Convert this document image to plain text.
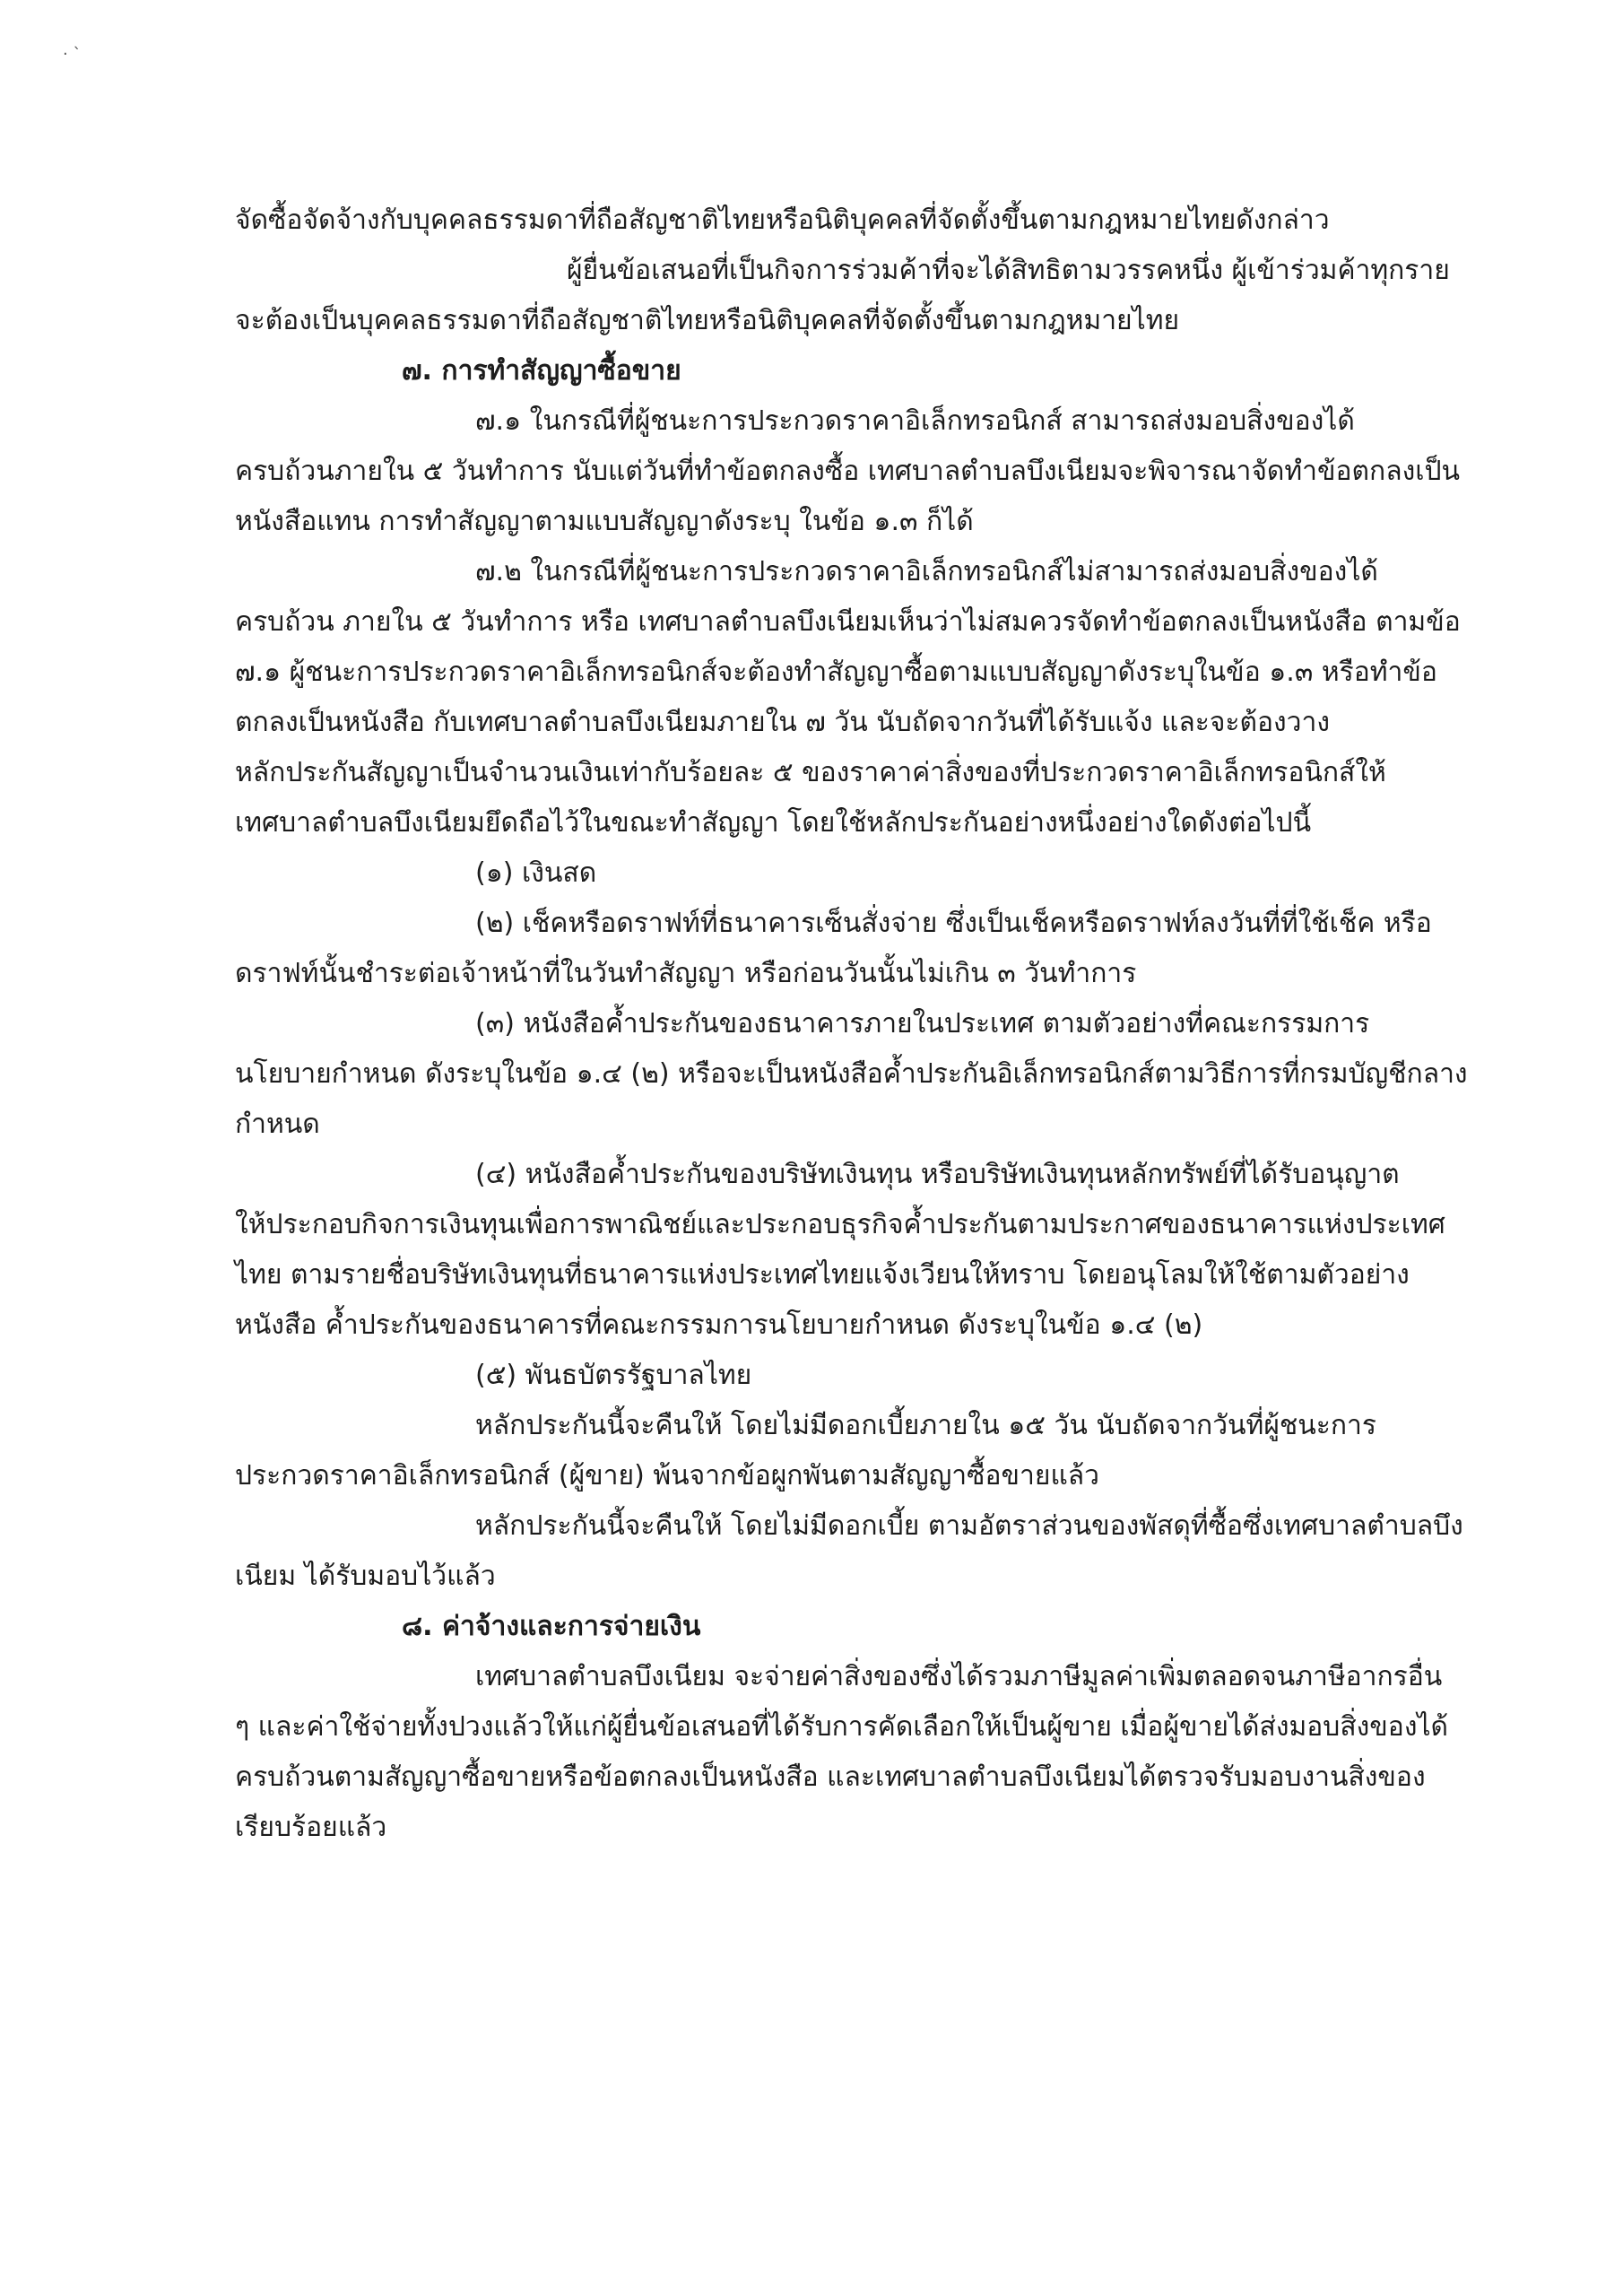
· ˋ
จัดซื้อจัดจ้างกับบุคคลธรรมดาที่ถือสัญชาติไทยหรือนิติบุคคลที่จัดตั้งขึ้นตามกฎหมายไทยดังกล่าว
ผู้ยื่นข้อเสนอที่เป็นกิจการร่วมค้าที่จะได้สิทธิตามวรรคหนึ่ง ผู้เข้าร่วมค้าทุกราย
จะต้องเป็นบุคคลธรรมดาที่ถือสัญชาติไทยหรือนิติบุคคลที่จัดตั้งขึ้นตามกฎหมายไทย
๗. การทำสัญญาซื้อขาย
๗.๑ ในกรณีที่ผู้ชนะการประกวดราคาอิเล็กทรอนิกส์ สามารถส่งมอบสิ่งของได้
ครบถ้วนภายใน ๕ วันทำการ นับแต่วันที่ทำข้อตกลงซื้อ เทศบาลตำบลบึงเนียมจะพิจารณาจัดทำข้อตกลงเป็น
หนังสือแทน การทำสัญญาตามแบบสัญญาดังระบุ ในข้อ ๑.๓ ก็ได้
๗.๒ ในกรณีที่ผู้ชนะการประกวดราคาอิเล็กทรอนิกส์ไม่สามารถส่งมอบสิ่งของได้
ครบถ้วน ภายใน ๕ วันทำการ หรือ เทศบาลตำบลบึงเนียมเห็นว่าไม่สมควรจัดทำข้อตกลงเป็นหนังสือ ตามข้อ
๗.๑ ผู้ชนะการประกวดราคาอิเล็กทรอนิกส์จะต้องทำสัญญาซื้อตามแบบสัญญาดังระบุในข้อ ๑.๓ หรือทำข้อ
ตกลงเป็นหนังสือ กับเทศบาลตำบลบึงเนียมภายใน ๗ วัน นับถัดจากวันที่ได้รับแจ้ง และจะต้องวาง
หลักประกันสัญญาเป็นจำนวนเงินเท่ากับร้อยละ ๕ ของราคาค่าสิ่งของที่ประกวดราคาอิเล็กทรอนิกส์ให้
เทศบาลตำบลบึงเนียมยึดถือไว้ในขณะทำสัญญา โดยใช้หลักประกันอย่างหนึ่งอย่างใดดังต่อไปนี้
(๑) เงินสด
(๒) เช็คหรือดราฟท์ที่ธนาคารเซ็นสั่งจ่าย ซึ่งเป็นเช็คหรือดราฟท์ลงวันที่ที่ใช้เช็ค หรือ
ดราฟท์นั้นชำระต่อเจ้าหน้าที่ในวันทำสัญญา หรือก่อนวันนั้นไม่เกิน ๓ วันทำการ
(๓) หนังสือค้ำประกันของธนาคารภายในประเทศ ตามตัวอย่างที่คณะกรรมการ
นโยบายกำหนด ดังระบุในข้อ ๑.๔ (๒) หรือจะเป็นหนังสือค้ำประกันอิเล็กทรอนิกส์ตามวิธีการที่กรมบัญชีกลาง
กำหนด
(๔) หนังสือค้ำประกันของบริษัทเงินทุน หรือบริษัทเงินทุนหลักทรัพย์ที่ได้รับอนุญาต
ให้ประกอบกิจการเงินทุนเพื่อการพาณิชย์และประกอบธุรกิจค้ำประกันตามประกาศของธนาคารแห่งประเทศ
ไทย ตามรายชื่อบริษัทเงินทุนที่ธนาคารแห่งประเทศไทยแจ้งเวียนให้ทราบ โดยอนุโลมให้ใช้ตามตัวอย่าง
หนังสือ ค้ำประกันของธนาคารที่คณะกรรมการนโยบายกำหนด ดังระบุในข้อ ๑.๔ (๒)
(๕) พันธบัตรรัฐบาลไทย
หลักประกันนี้จะคืนให้ โดยไม่มีดอกเบี้ยภายใน ๑๕ วัน นับถัดจากวันที่ผู้ชนะการ
ประกวดราคาอิเล็กทรอนิกส์ (ผู้ขาย) พ้นจากข้อผูกพันตามสัญญาซื้อขายแล้ว
หลักประกันนี้จะคืนให้ โดยไม่มีดอกเบี้ย ตามอัตราส่วนของพัสดุที่ซื้อซึ่งเทศบาลตำบลบึง
เนียม ได้รับมอบไว้แล้ว
๘. ค่าจ้างและการจ่ายเงิน
เทศบาลตำบลบึงเนียม จะจ่ายค่าสิ่งของซึ่งได้รวมภาษีมูลค่าเพิ่มตลอดจนภาษีอากรอื่น
ๆ และค่าใช้จ่ายทั้งปวงแล้วให้แก่ผู้ยื่นข้อเสนอที่ได้รับการคัดเลือกให้เป็นผู้ขาย เมื่อผู้ขายได้ส่งมอบสิ่งของได้
ครบถ้วนตามสัญญาซื้อขายหรือข้อตกลงเป็นหนังสือ และเทศบาลตำบลบึงเนียมได้ตรวจรับมอบงานสิ่งของ
เรียบร้อยแล้ว
